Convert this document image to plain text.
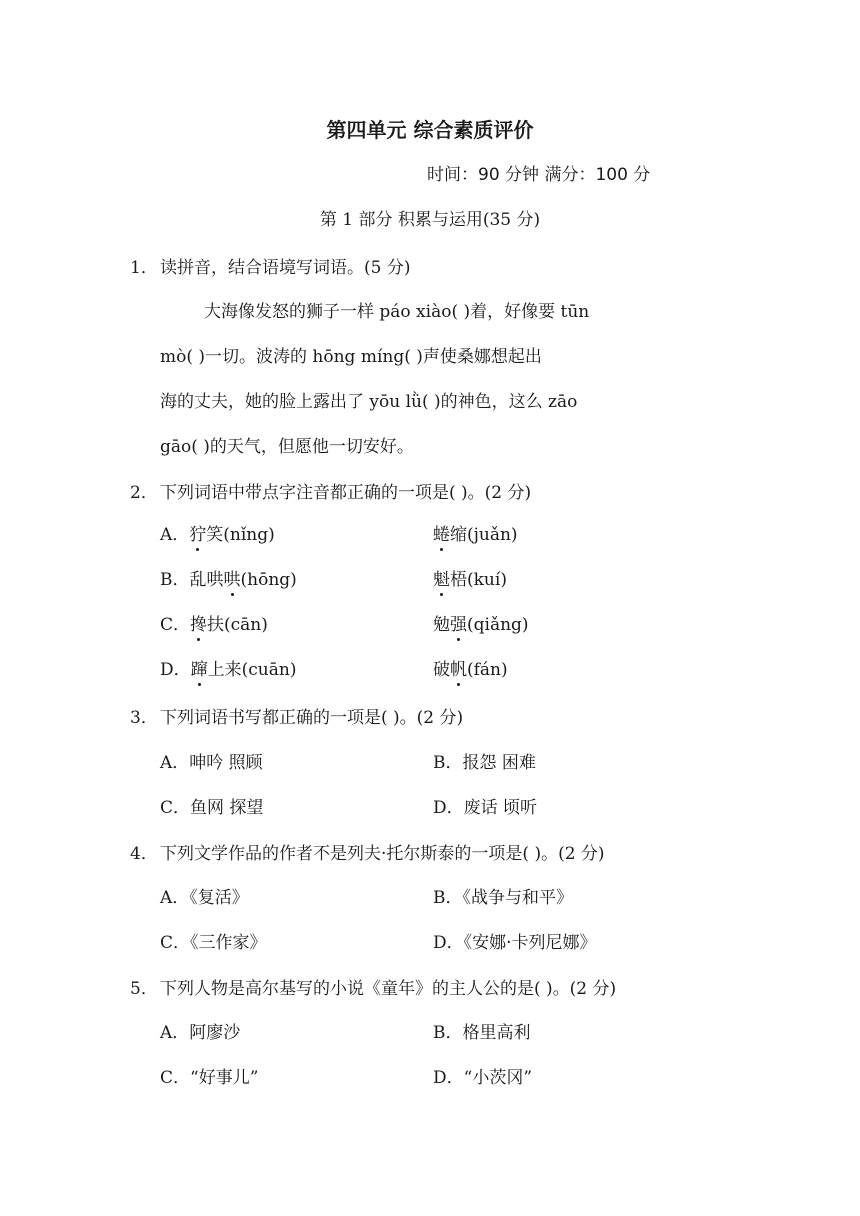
第四单元 综合素质评价
时间：90 分钟 满分：100 分
第 1 部分 积累与运用(35 分)
1． 读拼音，结合语境写词语。(5 分)
大海像发怒的狮子一样 páo xiào( )着，好像要 tūn
mò( )一切。波涛的 hōng míng( )声使桑娜想起出
海的丈夫，她的脸上露出了 yōu lǜ( )的神色，这么 zāo
gāo( )的天气，但愿他一切安好。
2． 下列词语中带点字注音都正确的一项是( )。(2 分)
A．狞笑(nǐng)	蜷缩(juǎn)
B．乱哄哄(hōng)	魁梧(kuí)
C．搀扶(cān)	勉强(qiǎng)
D．蹿上来(cuān)	破帆(fán)
3． 下列词语书写都正确的一项是( )。(2 分)
A．呻吟 照顾	B．报怨 困难
C．鱼网 探望	D．废话 顷听
4． 下列文学作品的作者不是列夫·托尔斯泰的一项是( )。(2 分)
A．《复活》	B．《战争与和平》
C．《三作家》	D．《安娜·卡列尼娜》
5． 下列人物是高尔基写的小说《童年》的主人公的是( )。(2 分)
A．阿廖沙	B．格里高利
C．“好事儿”	D．“小茨冈”
